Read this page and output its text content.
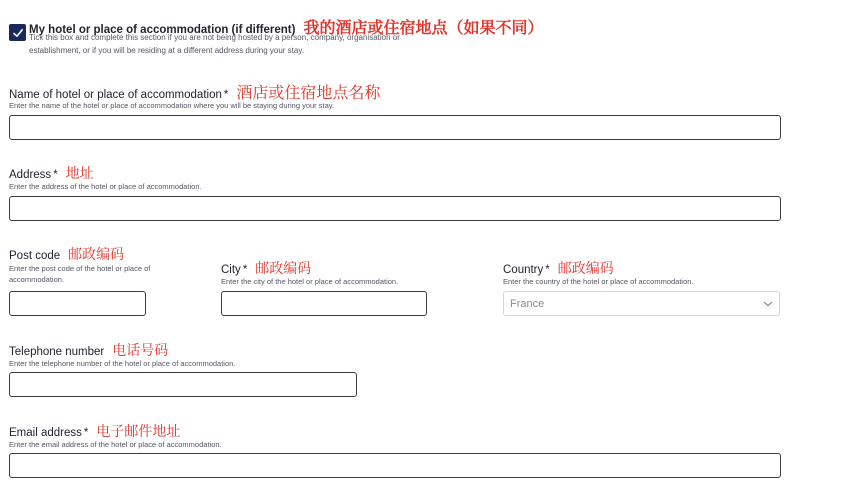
My hotel or place of accommodation (if different) 我的酒店或住宿地点（如果不同）
Tick this box and complete this section if you are not being hosted by a person, company, organisation or establishment, or if you will be residing at a different address during your stay.
Name of hotel or place of accommodation * 酒店或住宿地点名称
Enter the name of the hotel or place of accommodation where you will be staying during your stay.
Address * 地址
Enter the address of the hotel or place of accommodation.
Post code 邮政编码
Enter the post code of the hotel or place of accommodation.
City * 邮政编码
Enter the city of the hotel or place of accommodation.
Country * 邮政编码
Enter the country of the hotel or place of accommodation.
France
Telephone number 电话号码
Enter the telephone number of the hotel or place of accommodation.
Email address * 电子邮件地址
Enter the email address of the hotel or place of accommodation.
